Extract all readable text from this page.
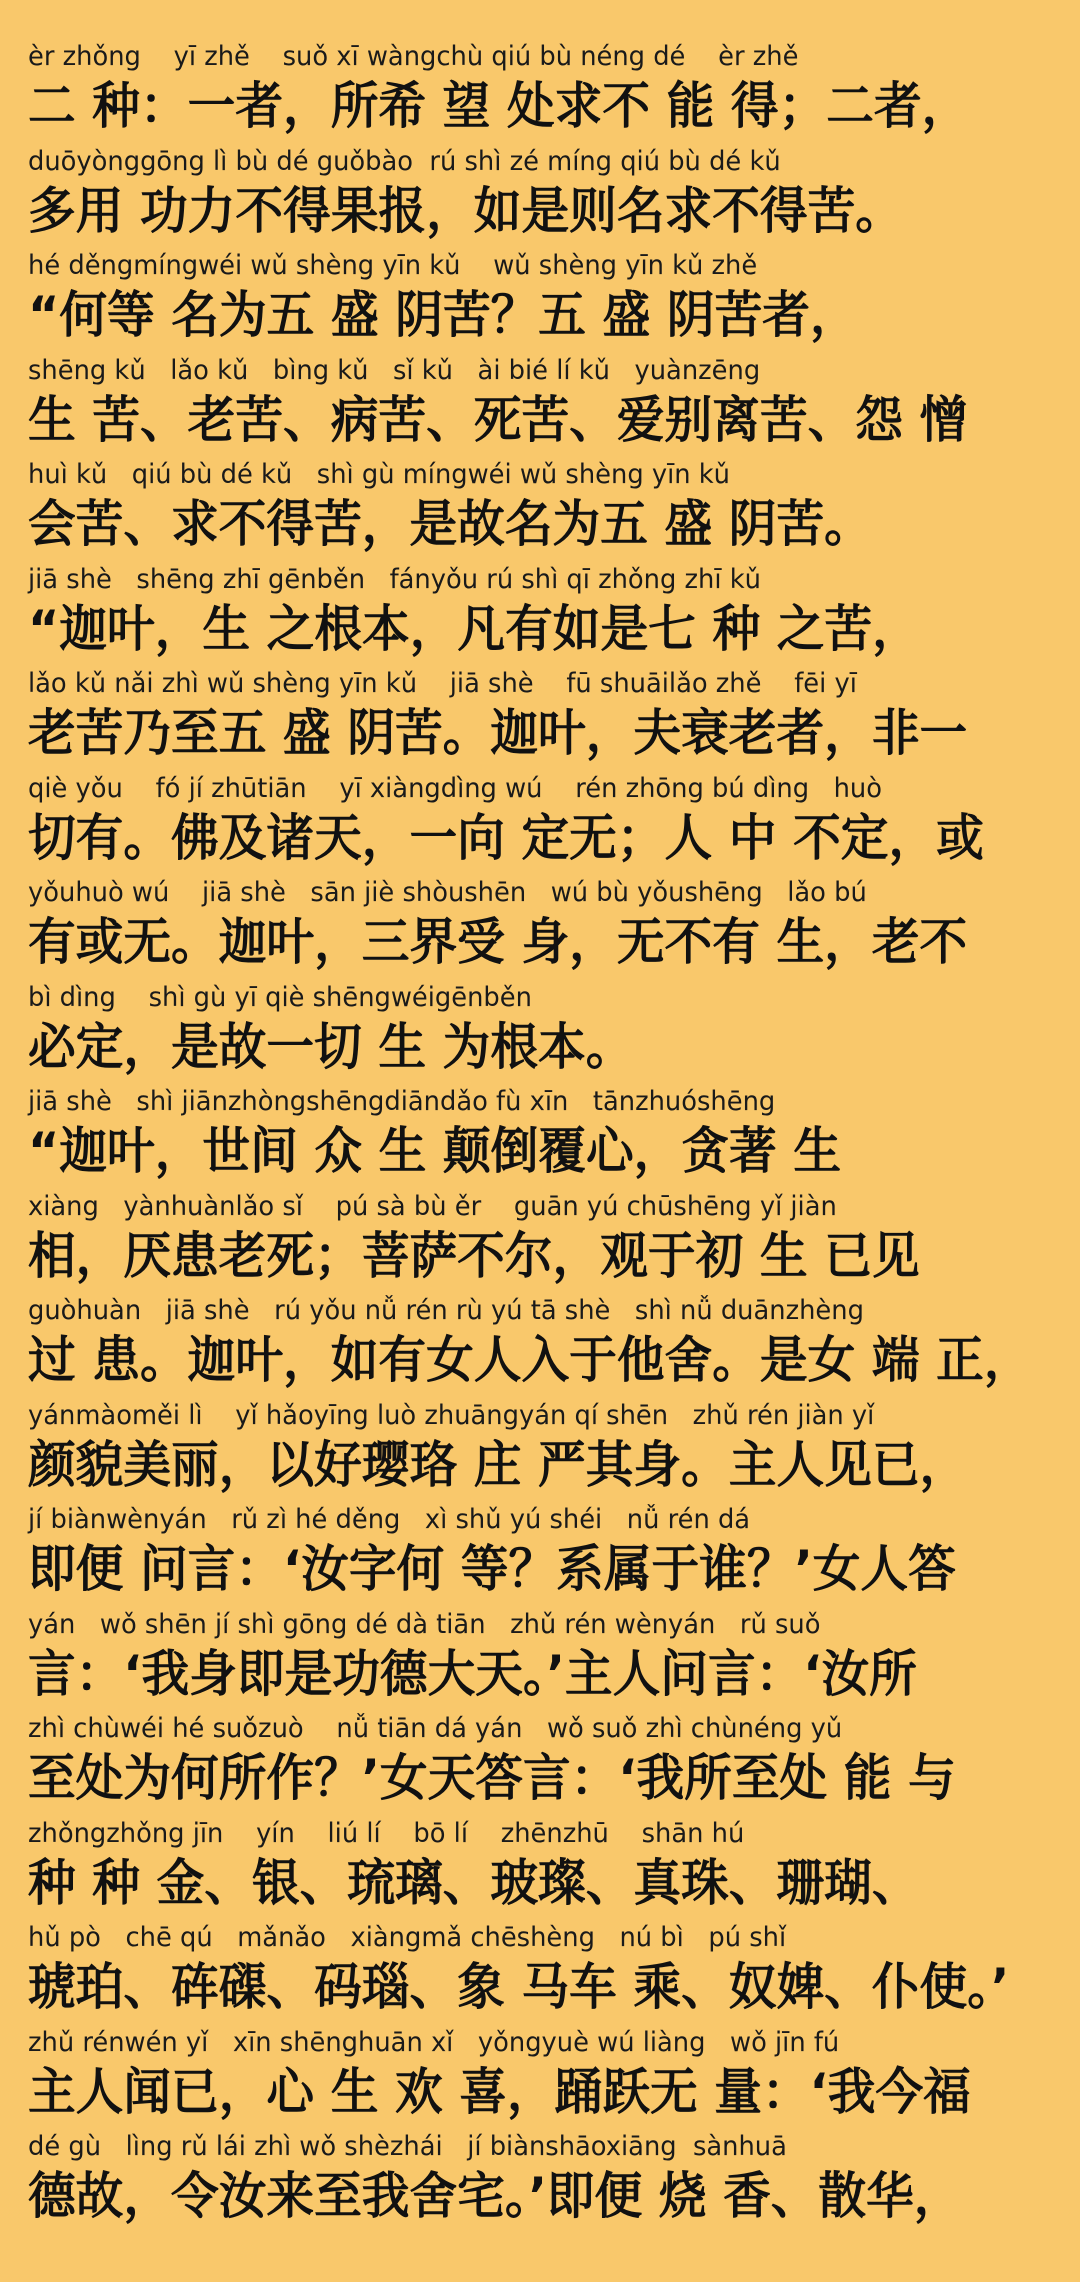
èr zhǒng    yī zhě    suǒ xī wàngchù qiú bù néng dé    èr zhě
二 种：一者，所希 望 处求不 能 得；二者，
duōyònggōng lì bù dé guǒbào  rú shì zé míng qiú bù dé kǔ
多用 功力不得果报，如是则名求不得苦。
hé děngmíngwéi wǔ shèng yīn kǔ    wǔ shèng yīn kǔ zhě
“何等 名为五 盛 阴苦？五 盛 阴苦者，
shēng kǔ   lǎo kǔ   bìng kǔ   sǐ kǔ   ài bié lí kǔ   yuànzēng
生 苦、老苦、病苦、死苦、爱别离苦、怨 憎
huì kǔ   qiú bù dé kǔ   shì gù míngwéi wǔ shèng yīn kǔ
会苦、求不得苦，是故名为五 盛 阴苦。
jiā shè   shēng zhī gēnběn   fányǒu rú shì qī zhǒng zhī kǔ
“迦叶，生 之根本，凡有如是七 种 之苦，
lǎo kǔ nǎi zhì wǔ shèng yīn kǔ    jiā shè    fū shuāilǎo zhě    fēi yī
老苦乃至五 盛 阴苦。迦叶，夫衰老者，非一
qiè yǒu    fó jí zhūtiān    yī xiàngdìng wú    rén zhōng bú dìng   huò
切有。佛及诸天，一向 定无；人 中 不定，或
yǒuhuò wú    jiā shè   sān jiè shòushēn   wú bù yǒushēng   lǎo bú
有或无。迦叶，三界受 身，无不有 生，老不
bì dìng    shì gù yī qiè shēngwéigēnběn
必定，是故一切 生 为根本。
jiā shè   shì jiānzhòngshēngdiāndǎo fù xīn   tānzhuóshēng
“迦叶，世间 众 生 颠倒覆心，贪著 生
xiàng   yànhuànlǎo sǐ    pú sà bù ěr    guān yú chūshēng yǐ jiàn
相，厌患老死；菩萨不尔，观于初 生 已见
guòhuàn   jiā shè   rú yǒu nǚ rén rù yú tā shè   shì nǚ duānzhèng
过 患。迦叶，如有女人入于他舍。是女 端 正，
yánmàoměi lì    yǐ hǎoyīng luò zhuāngyán qí shēn   zhǔ rén jiàn yǐ
颜貌美丽，以好璎珞 庄 严其身。主人见已，
jí biànwènyán   rǔ zì hé děng   xì shǔ yú shéi   nǚ rén dá
即便 问言：‘汝字何 等？系属于谁？’女人答
yán   wǒ shēn jí shì gōng dé dà tiān   zhǔ rén wènyán   rǔ suǒ
言：‘我身即是功德大天。’主人问言：‘汝所
zhì chùwéi hé suǒzuò    nǚ tiān dá yán   wǒ suǒ zhì chùnéng yǔ
至处为何所作？’女天答言：‘我所至处 能 与
zhǒngzhǒng jīn    yín    liú lí    bō lí    zhēnzhū    shān hú
种 种 金、银、琉璃、玻璨、真珠、珊瑚、
hǔ pò   chē qú   mǎnǎo   xiàngmǎ chēshèng   nú bì   pú shǐ
琥珀、砗磲、码瑙、象 马车 乘、奴婢、仆使。’
zhǔ rénwén yǐ   xīn shēnghuān xǐ   yǒngyuè wú liàng   wǒ jīn fú
主人闻已，心 生 欢 喜，踊跃无 量：‘我今福
dé gù   lìng rǔ lái zhì wǒ shèzhái   jí biànshāoxiāng  sànhuā
德故，令汝来至我舍宅。’即便 烧 香、散华，
